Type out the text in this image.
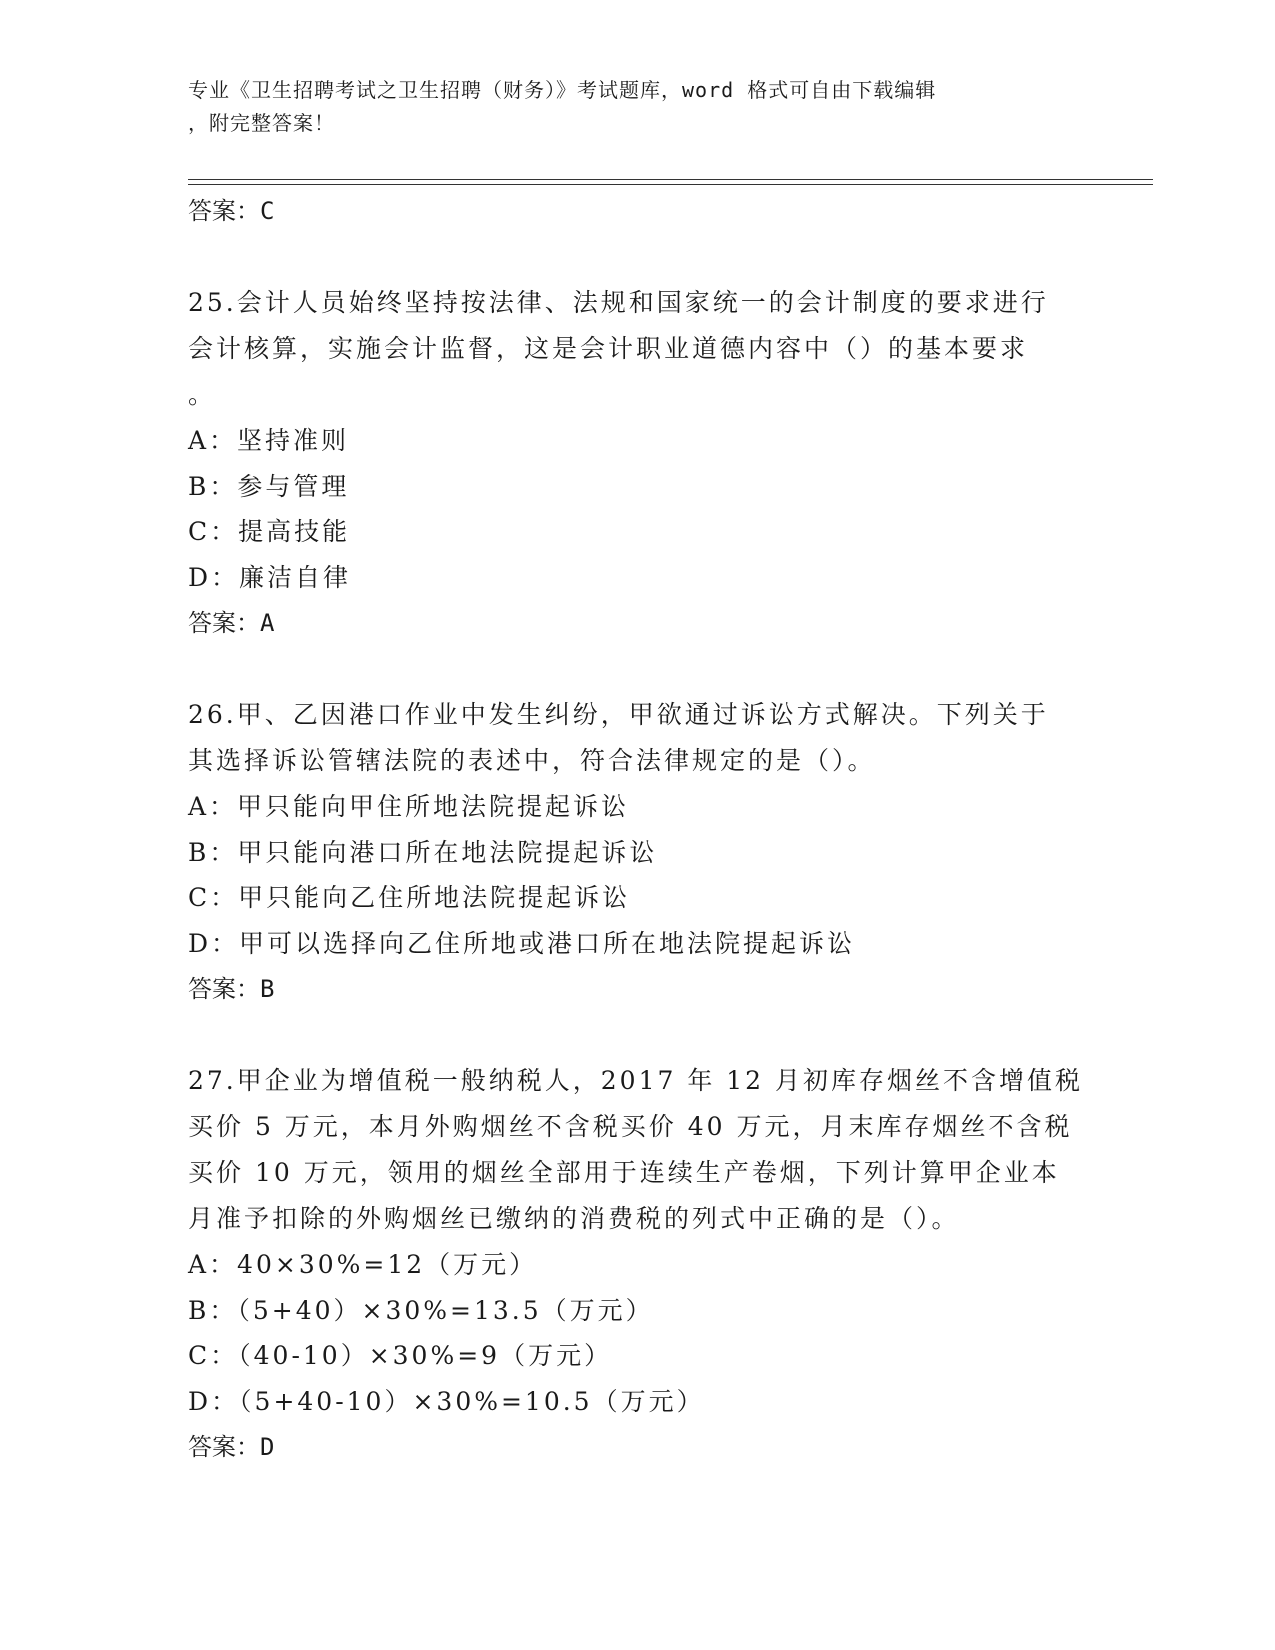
专业《卫生招聘考试之卫生招聘（财务）》考试题库，word 格式可自由下载编辑
，附完整答案！
答案：C
25.会计人员始终坚持按法律、法规和国家统一的会计制度的要求进行
会计核算，实施会计监督，这是会计职业道德内容中（）的基本要求
。
A：坚持准则
B：参与管理
C：提高技能
D：廉洁自律
答案：A
26.甲、乙因港口作业中发生纠纷，甲欲通过诉讼方式解决。下列关于
其选择诉讼管辖法院的表述中，符合法律规定的是（）。
A：甲只能向甲住所地法院提起诉讼
B：甲只能向港口所在地法院提起诉讼
C：甲只能向乙住所地法院提起诉讼
D：甲可以选择向乙住所地或港口所在地法院提起诉讼
答案：B
27.甲企业为增值税一般纳税人，2017 年 12 月初库存烟丝不含增值税
买价 5 万元，本月外购烟丝不含税买价 40 万元，月末库存烟丝不含税
买价 10 万元，领用的烟丝全部用于连续生产卷烟，下列计算甲企业本
月准予扣除的外购烟丝已缴纳的消费税的列式中正确的是（）。
A：40×30%=12（万元）
B：（5+40）×30%=13.5（万元）
C：（40-10）×30%=9（万元）
D：（5+40-10）×30%=10.5（万元）
答案：D
